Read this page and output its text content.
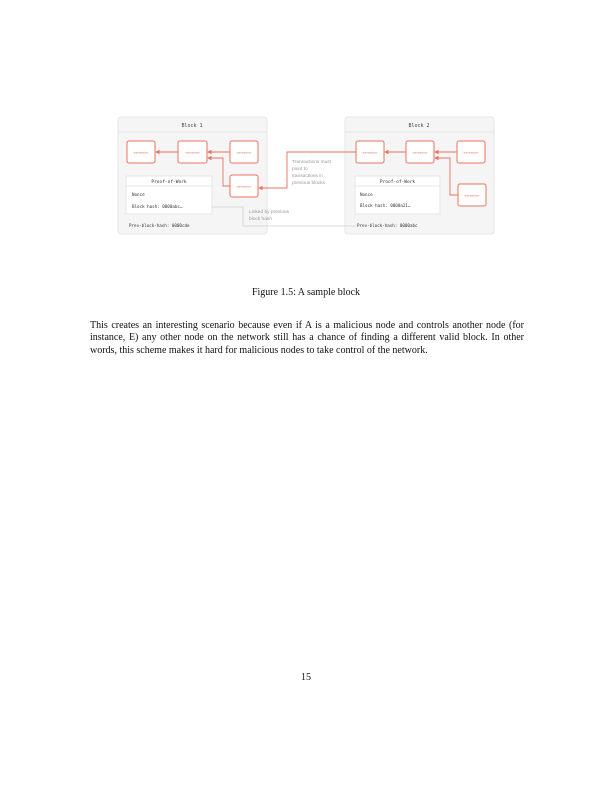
Block 1	Block 2
transaction	transaction	transaction
transaction
transaction	transaction	transaction
transaction
Proof-of-Work
Nonce
Block hash: 0000abc…
Prev-block-hash: 0000cde
Proof-of-Work
Nonce
Block hash: 0000a21…
Prev-block-hash: 0000abc
Transactions must
point to
transactions in
previous blocks
Linked by previous
block hash
Figure 1.5: A sample block
This creates an interesting scenario because even if A is a malicious node and controls another node (for instance, E) any other node on the network still has a chance of finding a different valid block. In other words, this scheme makes it hard for malicious nodes to take control of the network.
15
